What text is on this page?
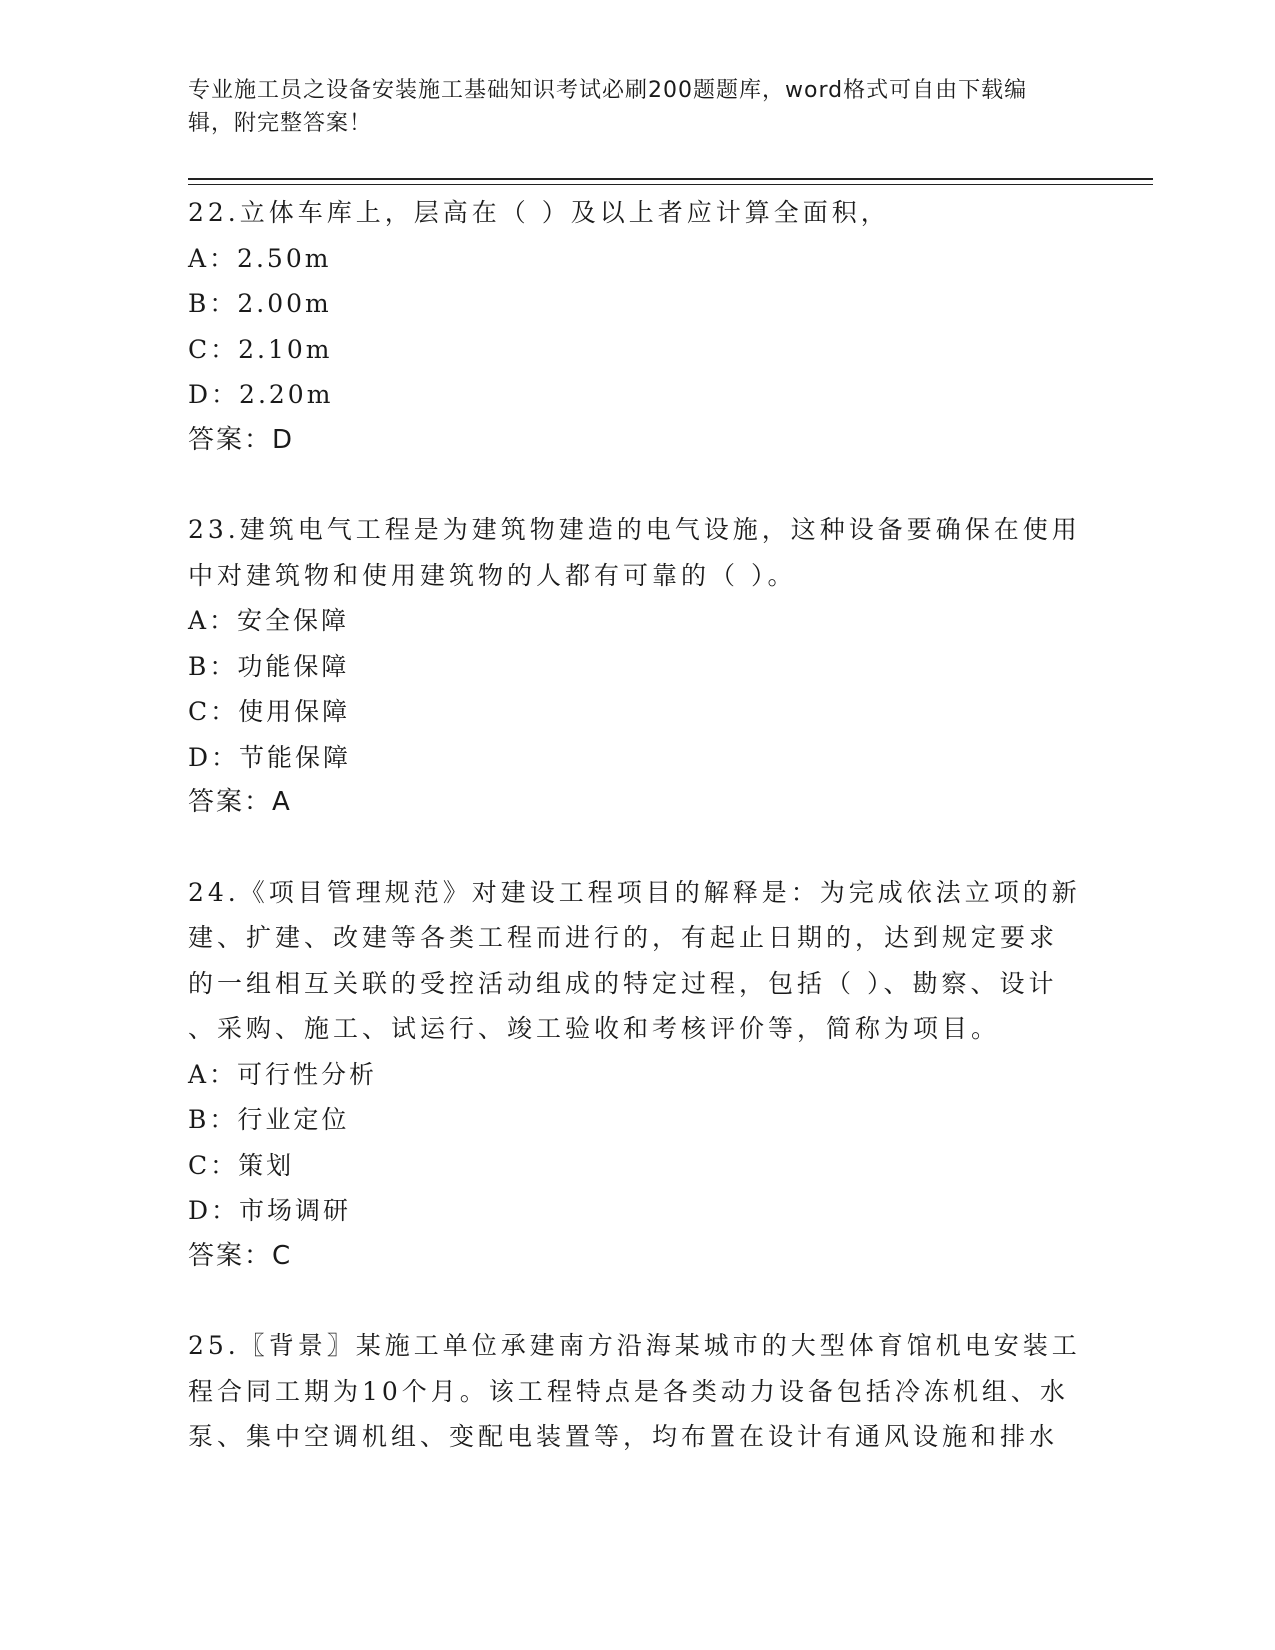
专业施工员之设备安装施工基础知识考试必刷200题题库，word格式可自由下载编辑，附完整答案！

22.立体车库上，层高在（ ）及以上者应计算全面积，

A：2.50m

B：2.00m

C：2.10m

D：2.20m

答案：D

23.建筑电气工程是为建筑物建造的电气设施，这种设备要确保在使用

中对建筑物和使用建筑物的人都有可靠的（ ）。

A：安全保障

B：功能保障

C：使用保障

D：节能保障

答案：A

24.《项目管理规范》对建设工程项目的解释是：为完成依法立项的新

建、扩建、改建等各类工程而进行的，有起止日期的，达到规定要求

的一组相互关联的受控活动组成的特定过程，包括（ ）、勘察、设计

、采购、施工、试运行、竣工验收和考核评价等，简称为项目。

A：可行性分析

B：行业定位

C：策划

D：市场调研

答案：C

25.〖背景〗某施工单位承建南方沿海某城市的大型体育馆机电安装工

程合同工期为10个月。该工程特点是各类动力设备包括冷冻机组、水

泵、集中空调机组、变配电装置等，均布置在设计有通风设施和排水
